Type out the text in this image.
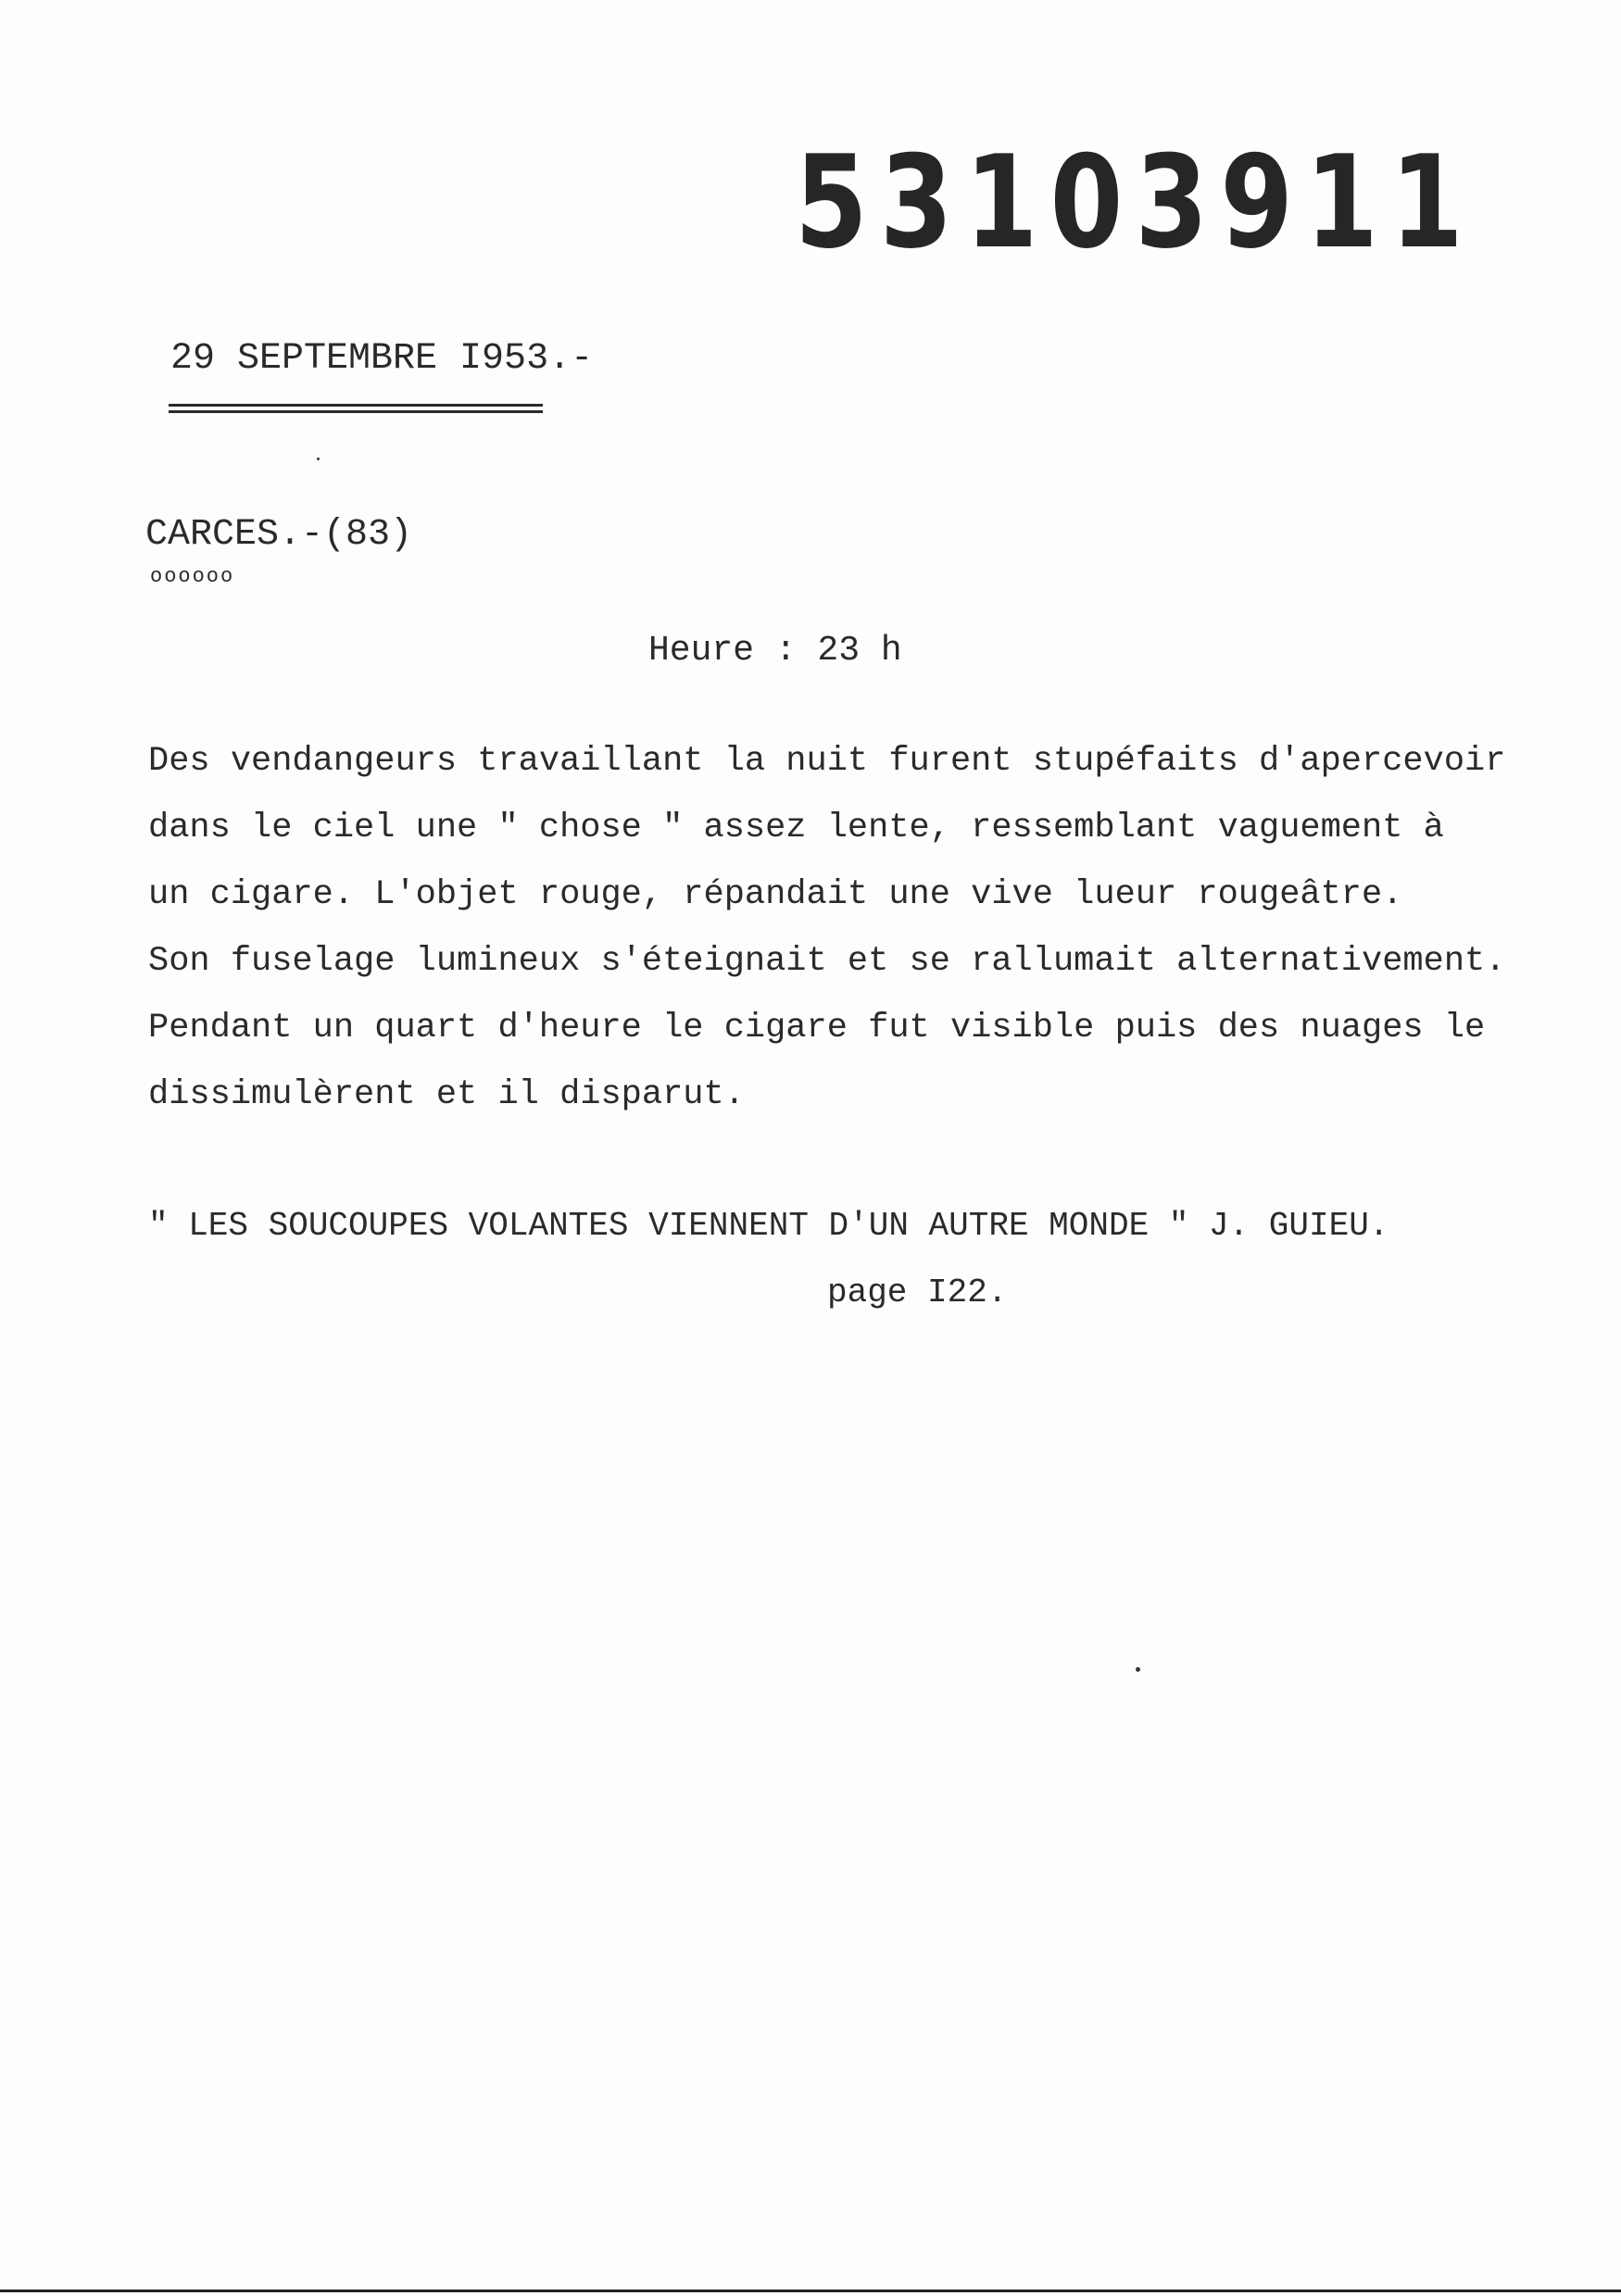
53103911
29 SEPTEMBRE I953.-
CARCES.-(83)
oooooo
Heure : 23 h
Des vendangeurs travaillant la nuit furent stupéfaits d'apercevoir
dans le ciel une " chose " assez lente, ressemblant vaguement à
un cigare. L'objet rouge, répandait une vive lueur rougeâtre.
Son fuselage lumineux s'éteignait et se rallumait alternativement.
Pendant un quart d'heure le cigare fut visible puis des nuages le
dissimulèrent et il disparut.
" LES SOUCOUPES VOLANTES VIENNENT D'UN AUTRE MONDE " J. GUIEU.
page I22.
